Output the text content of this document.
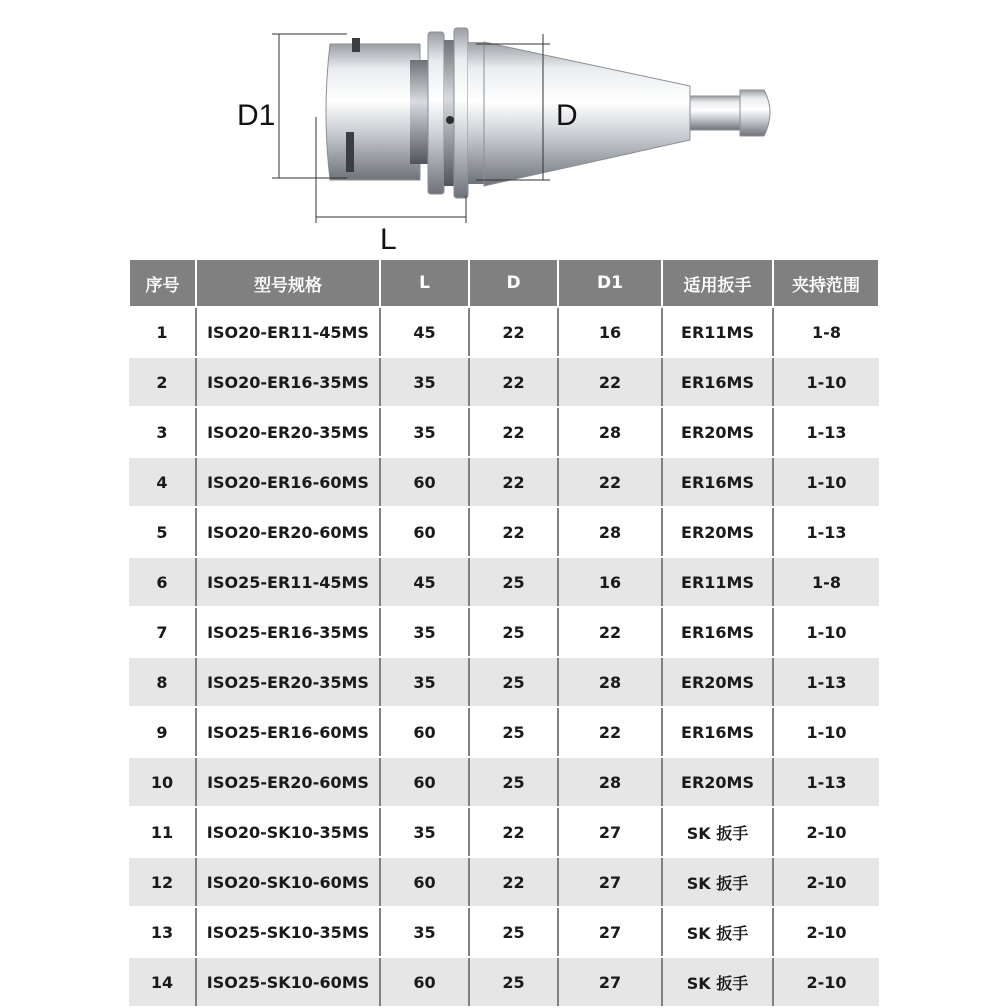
D1	D
L
序号	型号规格	L	D	D1	适用扳手	夹持范围
1	ISO20-ER11-45MS	45	22	16	ER11MS	1-8
2	ISO20-ER16-35MS	35	22	22	ER16MS	1-10
3	ISO20-ER20-35MS	35	22	28	ER20MS	1-13
4	ISO20-ER16-60MS	60	22	22	ER16MS	1-10
5	ISO20-ER20-60MS	60	22	28	ER20MS	1-13
6	ISO25-ER11-45MS	45	25	16	ER11MS	1-8
7	ISO25-ER16-35MS	35	25	22	ER16MS	1-10
8	ISO25-ER20-35MS	35	25	28	ER20MS	1-13
9	ISO25-ER16-60MS	60	25	22	ER16MS	1-10
10	ISO25-ER20-60MS	60	25	28	ER20MS	1-13
11	ISO20-SK10-35MS	35	22	27	SK 扳手	2-10
12	ISO20-SK10-60MS	60	22	27	SK 扳手	2-10
13	ISO25-SK10-35MS	35	25	27	SK 扳手	2-10
14	ISO25-SK10-60MS	60	25	27	SK 扳手	2-10
